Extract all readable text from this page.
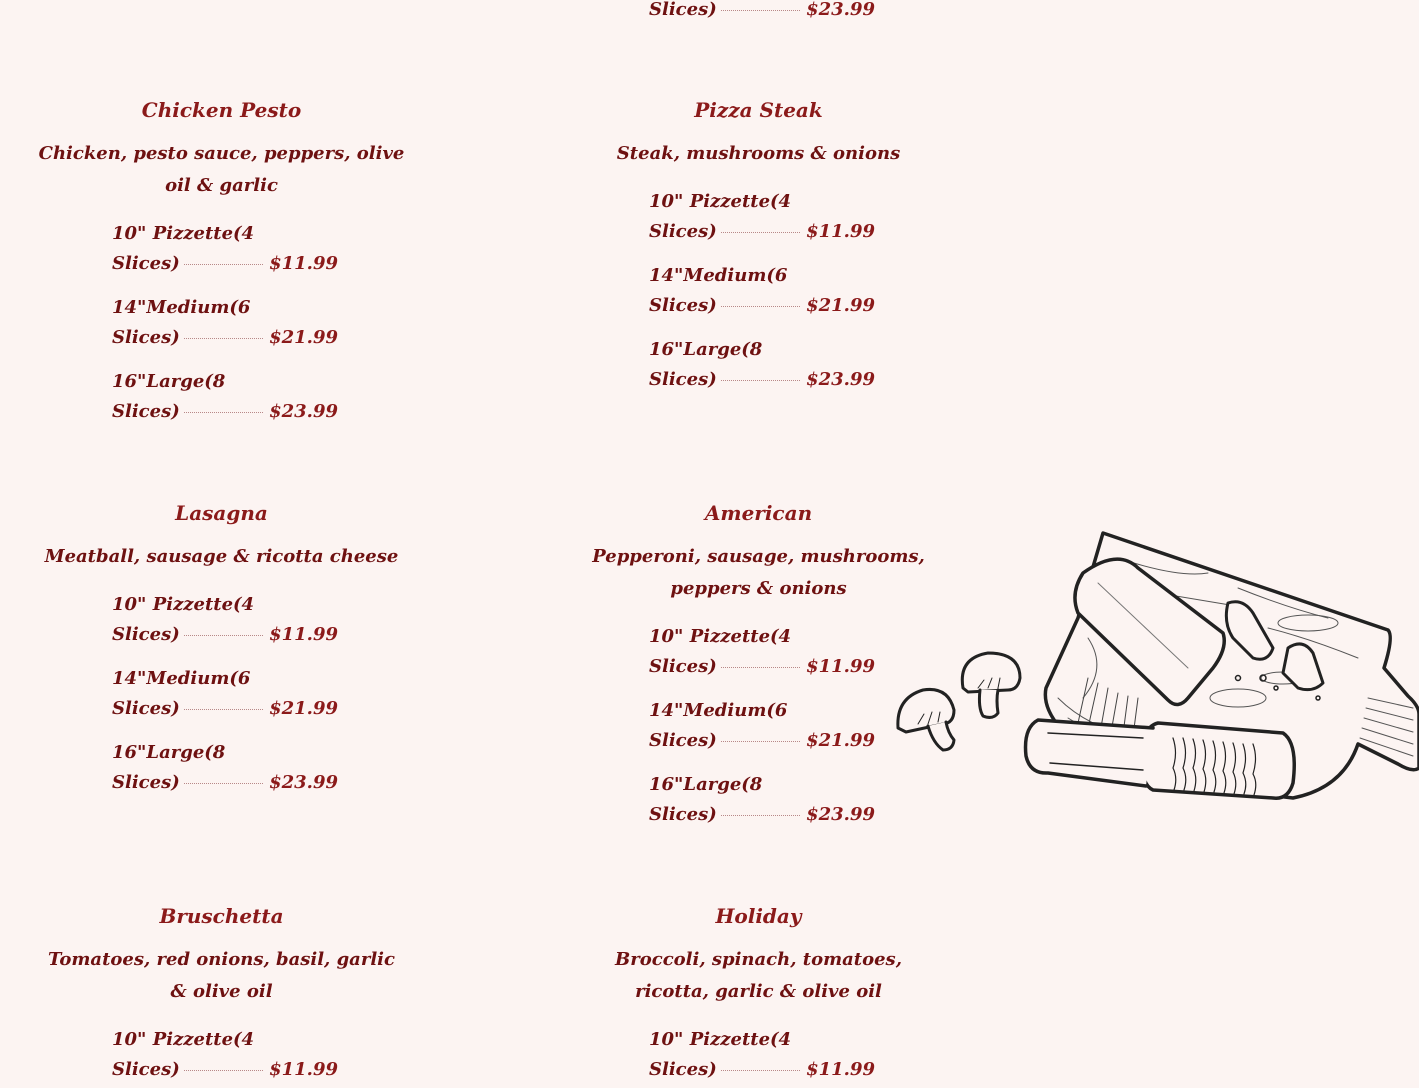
Slices)	$23.99
Chicken Pesto

Chicken, pesto sauce, peppers, olive oil & garlic

10" Pizzette(4
Slices)	$11.99
14"Medium(6
Slices)	$21.99
16"Large(8
Slices)	$23.99
Lasagna

Meatball, sausage & ricotta cheese

10" Pizzette(4
Slices)	$11.99
14"Medium(6
Slices)	$21.99
16"Large(8
Slices)	$23.99
Bruschetta

Tomatoes, red onions, basil, garlic & olive oil

10" Pizzette(4
Slices)	$11.99
Pizza Steak

Steak, mushrooms & onions

10" Pizzette(4
Slices)	$11.99
14"Medium(6
Slices)	$21.99
16"Large(8
Slices)	$23.99
American

Pepperoni, sausage, mushrooms, peppers & onions

10" Pizzette(4
Slices)	$11.99
14"Medium(6
Slices)	$21.99
16"Large(8
Slices)	$23.99
Holiday

Broccoli, spinach, tomatoes, ricotta, garlic & olive oil

10" Pizzette(4
Slices)	$11.99
